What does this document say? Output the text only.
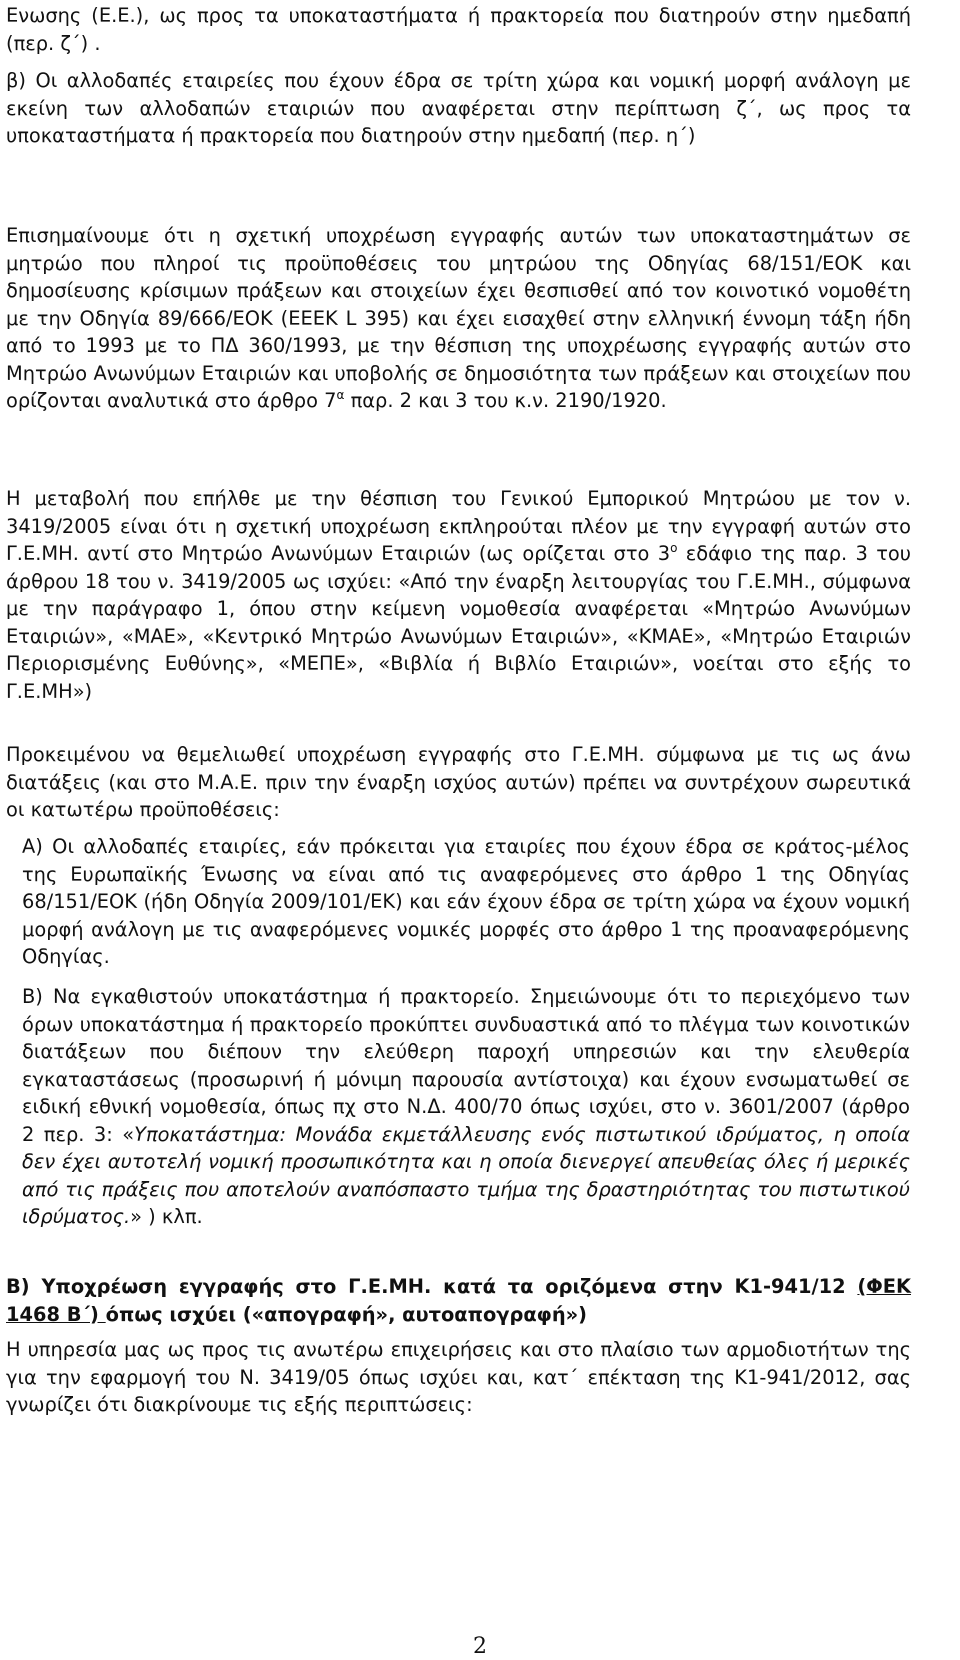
Ενωσης (Ε.Ε.), ως προς τα υποκαταστήματα ή πρακτορεία που διατηρούν στην ημεδαπή (περ. ζ΄) .

β) Οι αλλοδαπές εταιρείες που έχουν έδρα σε τρίτη χώρα και νομική μορφή ανάλογη με εκείνη των αλλοδαπών εταιριών που αναφέρεται στην περίπτωση ζ΄, ως προς τα υποκαταστήματα ή πρακτορεία που διατηρούν στην ημεδαπή (περ. η΄)

Επισημαίνουμε ότι η σχετική υποχρέωση εγγραφής αυτών των υποκαταστημάτων σε μητρώο που πληροί τις προϋποθέσεις του μητρώου της Οδηγίας 68/151/ΕΟΚ και δημοσίευσης κρίσιμων πράξεων και στοιχείων έχει θεσπισθεί από τον κοινοτικό νομοθέτη με την Οδηγία 89/666/ΕΟΚ (ΕΕΕΚ L 395) και έχει εισαχθεί στην ελληνική έννομη τάξη ήδη από το 1993 με το ΠΔ 360/1993, με την θέσπιση της υποχρέωσης εγγραφής αυτών στο Μητρώο Ανωνύμων Εταιριών και υποβολής σε δημοσιότητα των πράξεων και στοιχείων που ορίζονται αναλυτικά στο άρθρο $7^\alpha$ παρ. 2 και 3 του κ.ν. 2190/1920.

Η μεταβολή που επήλθε με την θέσπιση του Γενικού Εμπορικού Μητρώου με τον ν. 3419/2005 είναι ότι η σχετική υποχρέωση εκπληρούται πλέον με την εγγραφή αυτών στο Γ.Ε.ΜΗ. αντί στο Μητρώο Ανωνύμων Εταιριών (ως ορίζεται στο $3^o$ εδάφιο της παρ. 3 του άρθρου 18 του ν. 3419/2005 ως ισχύει: «Από την έναρξη λειτουργίας του Γ.Ε.ΜΗ., σύμφωνα με την παράγραφο 1, όπου στην κείμενη νομοθεσία αναφέρεται «Μητρώο Ανωνύμων Εταιριών», «ΜΑΕ», «Κεντρικό Μητρώο Ανωνύμων Εταιριών», «ΚΜΑΕ», «Μητρώο Εταιριών Περιορισμένης Ευθύνης», «ΜΕΠΕ», «Βιβλία ή Βιβλίο Εταιριών», νοείται στο εξής το Γ.Ε.ΜΗ»)

Προκειμένου να θεμελιωθεί υποχρέωση εγγραφής στο Γ.Ε.ΜΗ. σύμφωνα με τις ως άνω διατάξεις (και στο Μ.Α.Ε. πριν την έναρξη ισχύος αυτών) πρέπει να συντρέχουν σωρευτικά οι κατωτέρω προϋποθέσεις:

Α) Οι αλλοδαπές εταιρίες, εάν πρόκειται για εταιρίες που έχουν έδρα σε κράτος-μέλος της Ευρωπαϊκής Ένωσης να είναι από τις αναφερόμενες στο άρθρο 1 της Οδηγίας 68/151/ΕΟΚ (ήδη Οδηγία 2009/101/ΕΚ) και εάν έχουν έδρα σε τρίτη χώρα να έχουν νομική μορφή ανάλογη με τις αναφερόμενες νομικές μορφές στο άρθρο 1 της προαναφερόμενης Οδηγίας.

Β) Να εγκαθιστούν υποκατάστημα ή πρακτορείο. Σημειώνουμε ότι το περιεχόμενο των όρων υποκατάστημα ή πρακτορείο προκύπτει συνδυαστικά από το πλέγμα των κοινοτικών διατάξεων που διέπουν την ελεύθερη παροχή υπηρεσιών και την ελευθερία εγκαταστάσεως (προσωρινή ή μόνιμη παρουσία αντίστοιχα) και έχουν ενσωματωθεί σε ειδική εθνική νομοθεσία, όπως πχ στο Ν.Δ. 400/70 όπως ισχύει, στο ν. 3601/2007 (άρθρο 2 περ. 3: «Υποκατάστημα: Μονάδα εκμετάλλευσης ενός πιστωτικού ιδρύματος, η οποία δεν έχει αυτοτελή νομική προσωπικότητα και η οποία διενεργεί απευθείας όλες ή μερικές από τις πράξεις που αποτελούν αναπόσπαστο τμήμα της δραστηριότητας του πιστωτικού ιδρύματος.» ) κλπ.

Β) Υποχρέωση εγγραφής στο Γ.Ε.ΜΗ. κατά τα οριζόμενα στην Κ1-941/12 (ΦΕΚ 1468 Β΄) όπως ισχύει («απογραφή», αυτοαπογραφή»)

Η υπηρεσία μας ως προς τις ανωτέρω επιχειρήσεις και στο πλαίσιο των αρμοδιοτήτων της για την εφαρμογή του Ν. 3419/05 όπως ισχύει και, κατ΄ επέκταση της Κ1-941/2012, σας γνωρίζει ότι διακρίνουμε τις εξής περιπτώσεις:

2
